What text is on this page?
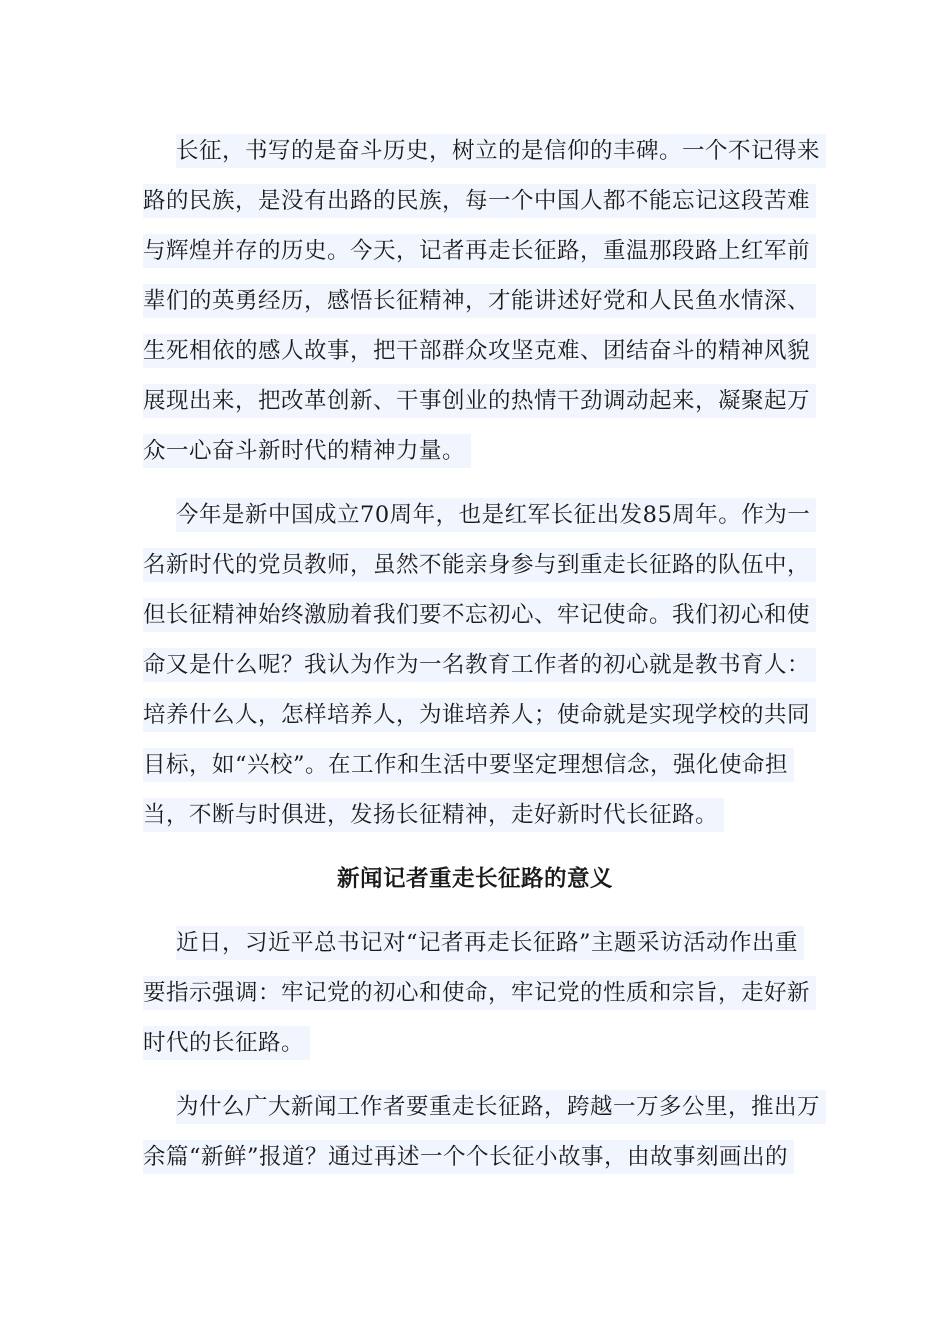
长征，书写的是奋斗历史，树立的是信仰的丰碑。一个不记得来
路的民族，是没有出路的民族，每一个中国人都不能忘记这段苦难
与辉煌并存的历史。今天，记者再走长征路，重温那段路上红军前
辈们的英勇经历，感悟长征精神，才能讲述好党和人民鱼水情深、
生死相依的感人故事，把干部群众攻坚克难、团结奋斗的精神风貌
展现出来，把改革创新、干事创业的热情干劲调动起来，凝聚起万
众一心奋斗新时代的精神力量。
今年是新中国成立70周年，也是红军长征出发85周年。作为一
名新时代的党员教师，虽然不能亲身参与到重走长征路的队伍中，
但长征精神始终激励着我们要不忘初心、牢记使命。我们初心和使
命又是什么呢？我认为作为一名教育工作者的初心就是教书育人：
培养什么人，怎样培养人，为谁培养人；使命就是实现学校的共同
目标，如“兴校”。在工作和生活中要坚定理想信念，强化使命担
当，不断与时俱进，发扬长征精神，走好新时代长征路。
新闻记者重走长征路的意义
近日，习近平总书记对“记者再走长征路”主题采访活动作出重
要指示强调：牢记党的初心和使命，牢记党的性质和宗旨，走好新
时代的长征路。
为什么广大新闻工作者要重走长征路，跨越一万多公里，推出万
余篇“新鲜”报道？通过再述一个个长征小故事，由故事刻画出的
